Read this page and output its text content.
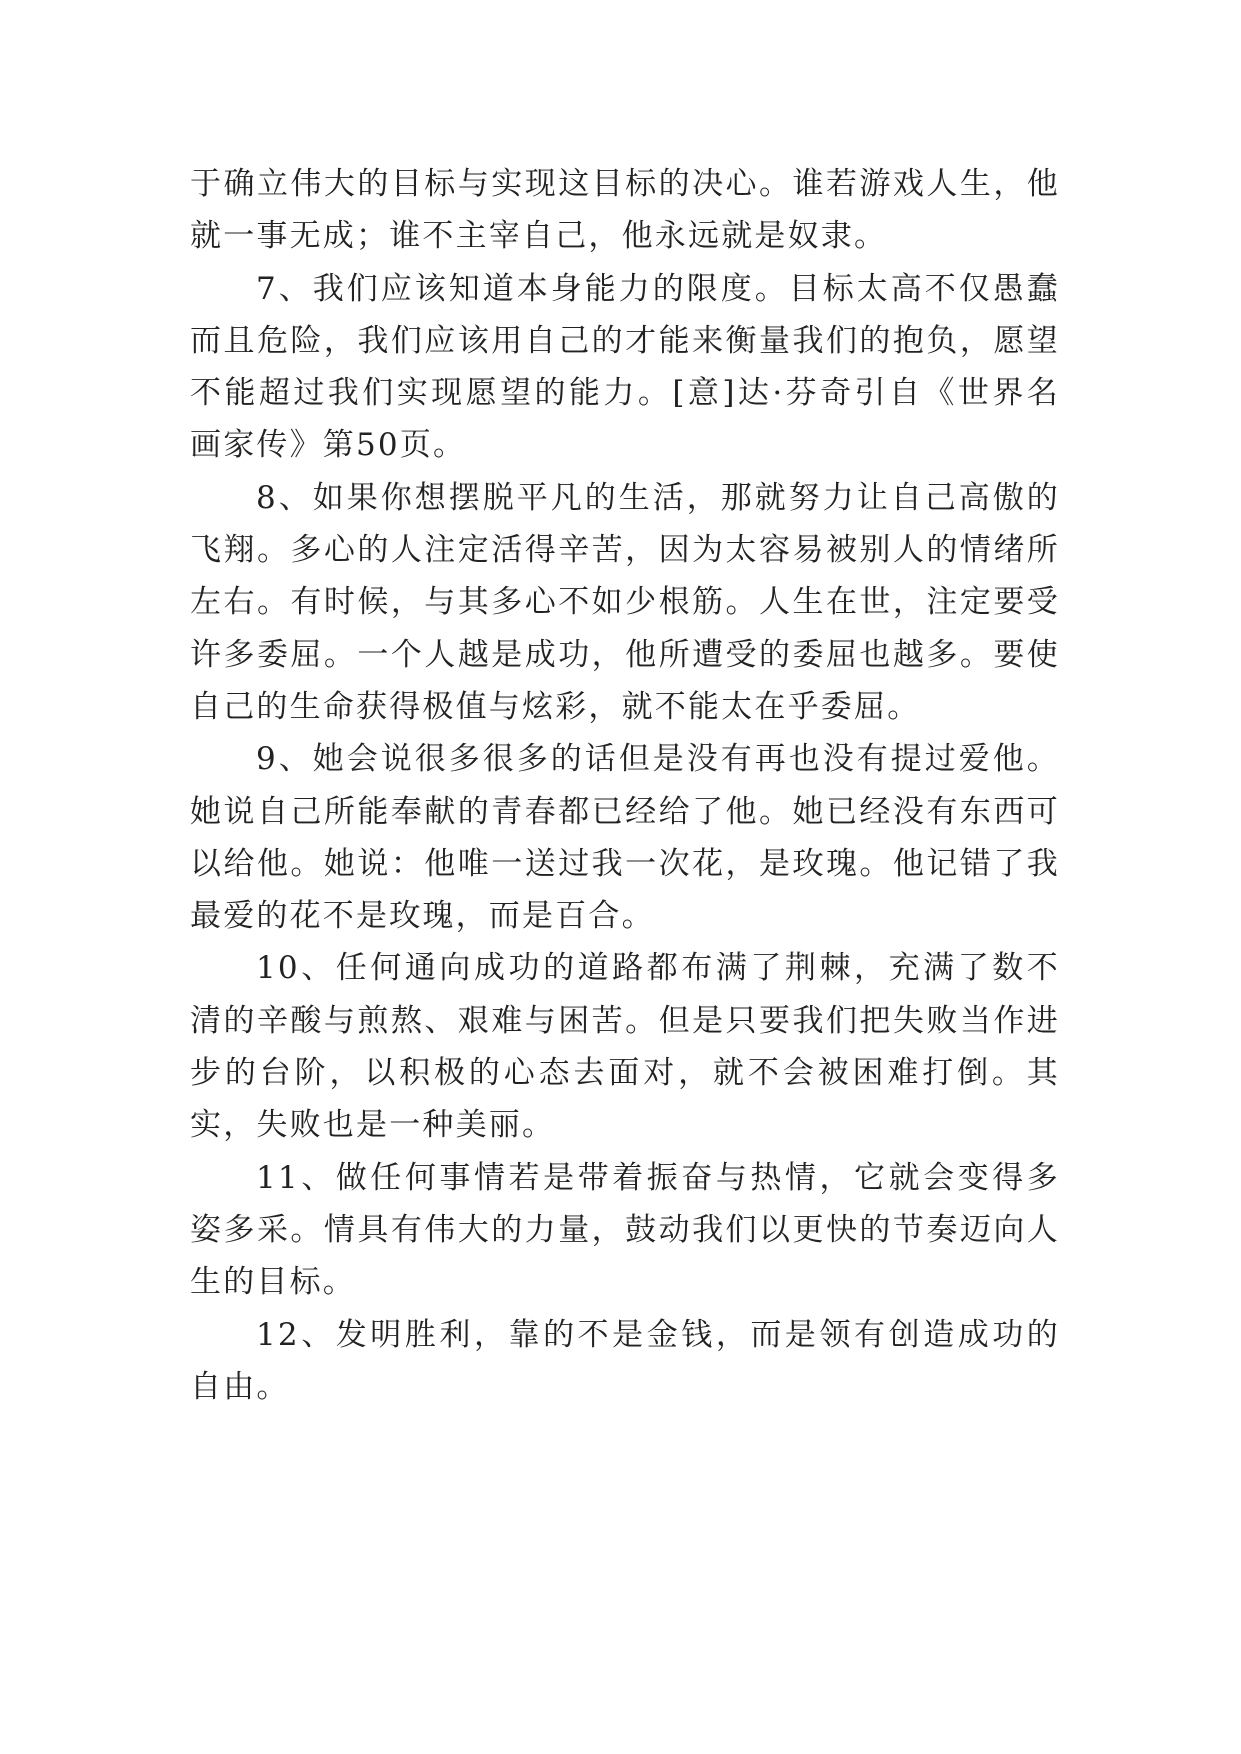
于确立伟大的目标与实现这目标的决心。谁若游戏人生，他就一事无成；谁不主宰自己，他永远就是奴隶。

7、我们应该知道本身能力的限度。目标太高不仅愚蠢而且危险，我们应该用自己的才能来衡量我们的抱负，愿望不能超过我们实现愿望的能力。[意]达·芬奇引自《世界名画家传》第50页。

8、如果你想摆脱平凡的生活，那就努力让自己高傲的飞翔。多心的人注定活得辛苦，因为太容易被别人的情绪所左右。有时候，与其多心不如少根筋。人生在世，注定要受许多委屈。一个人越是成功，他所遭受的委屈也越多。要使自己的生命获得极值与炫彩，就不能太在乎委屈。

9、她会说很多很多的话但是没有再也没有提过爱他。她说自己所能奉献的青春都已经给了他。她已经没有东西可以给他。她说：他唯一送过我一次花，是玫瑰。他记错了我最爱的花不是玫瑰，而是百合。

10、任何通向成功的道路都布满了荆棘，充满了数不清的辛酸与煎熬、艰难与困苦。但是只要我们把失败当作进步的台阶，以积极的心态去面对，就不会被困难打倒。其实，失败也是一种美丽。

11、做任何事情若是带着振奋与热情，它就会变得多姿多采。情具有伟大的力量，鼓动我们以更快的节奏迈向人生的目标。

12、发明胜利，靠的不是金钱，而是领有创造成功的自由。
